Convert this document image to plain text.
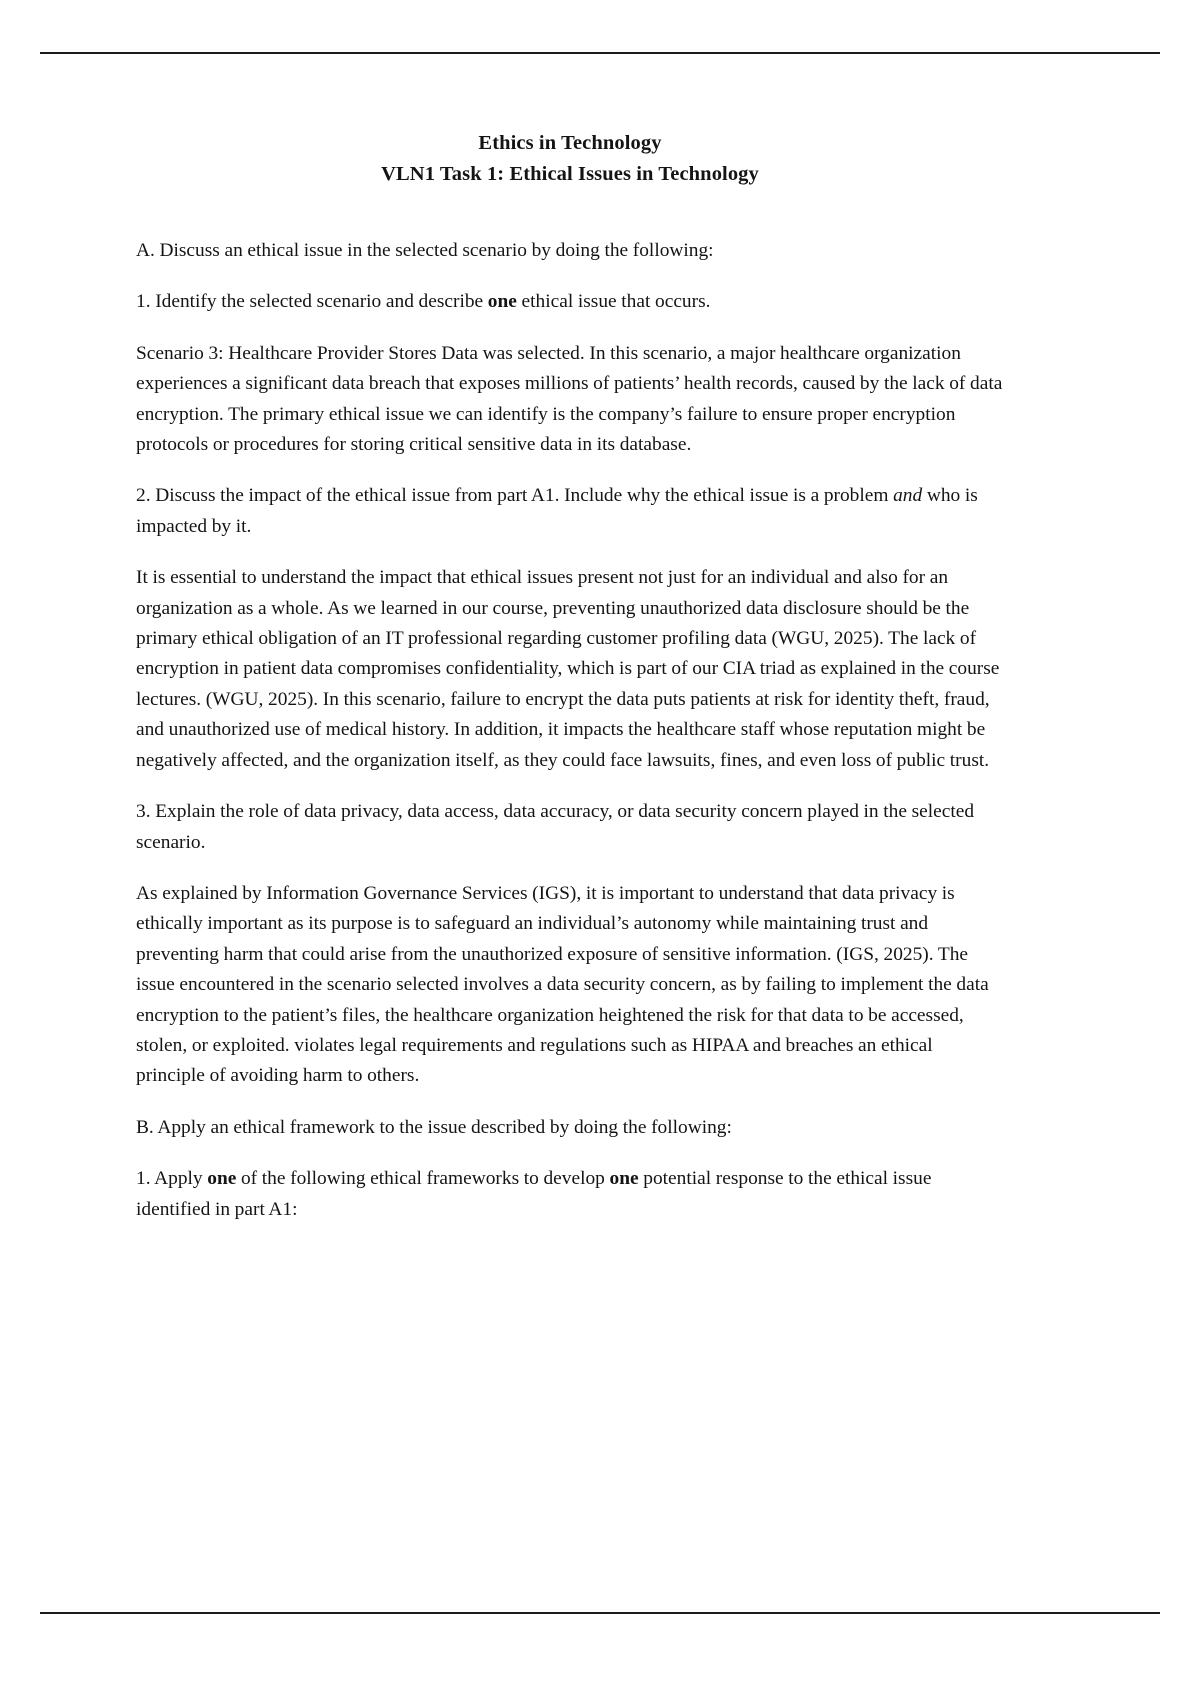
Ethics in Technology
VLN1 Task 1: Ethical Issues in Technology

A. Discuss an ethical issue in the selected scenario by doing the following:

1. Identify the selected scenario and describe one ethical issue that occurs.

Scenario 3: Healthcare Provider Stores Data was selected. In this scenario, a major healthcare organization experiences a significant data breach that exposes millions of patients’ health records, caused by the lack of data encryption. The primary ethical issue we can identify is the company’s failure to ensure proper encryption protocols or procedures for storing critical sensitive data in its database.

2. Discuss the impact of the ethical issue from part A1. Include why the ethical issue is a problem and who is impacted by it.

It is essential to understand the impact that ethical issues present not just for an individual and also for an organization as a whole. As we learned in our course, preventing unauthorized data disclosure should be the primary ethical obligation of an IT professional regarding customer profiling data (WGU, 2025). The lack of encryption in patient data compromises confidentiality, which is part of our CIA triad as explained in the course lectures. (WGU, 2025). In this scenario, failure to encrypt the data puts patients at risk for identity theft, fraud, and unauthorized use of medical history. In addition, it impacts the healthcare staff whose reputation might be negatively affected, and the organization itself, as they could face lawsuits, fines, and even loss of public trust.

3. Explain the role of data privacy, data access, data accuracy, or data security concern played in the selected scenario.

As explained by Information Governance Services (IGS), it is important to understand that data privacy is ethically important as its purpose is to safeguard an individual’s autonomy while maintaining trust and preventing harm that could arise from the unauthorized exposure of sensitive information. (IGS, 2025). The issue encountered in the scenario selected involves a data security concern, as by failing to implement the data encryption to the patient’s files, the healthcare organization heightened the risk for that data to be accessed, stolen, or exploited. violates legal requirements and regulations such as HIPAA and breaches an ethical principle of avoiding harm to others.

B. Apply an ethical framework to the issue described by doing the following:

1. Apply one of the following ethical frameworks to develop one potential response to the ethical issue identified in part A1:
